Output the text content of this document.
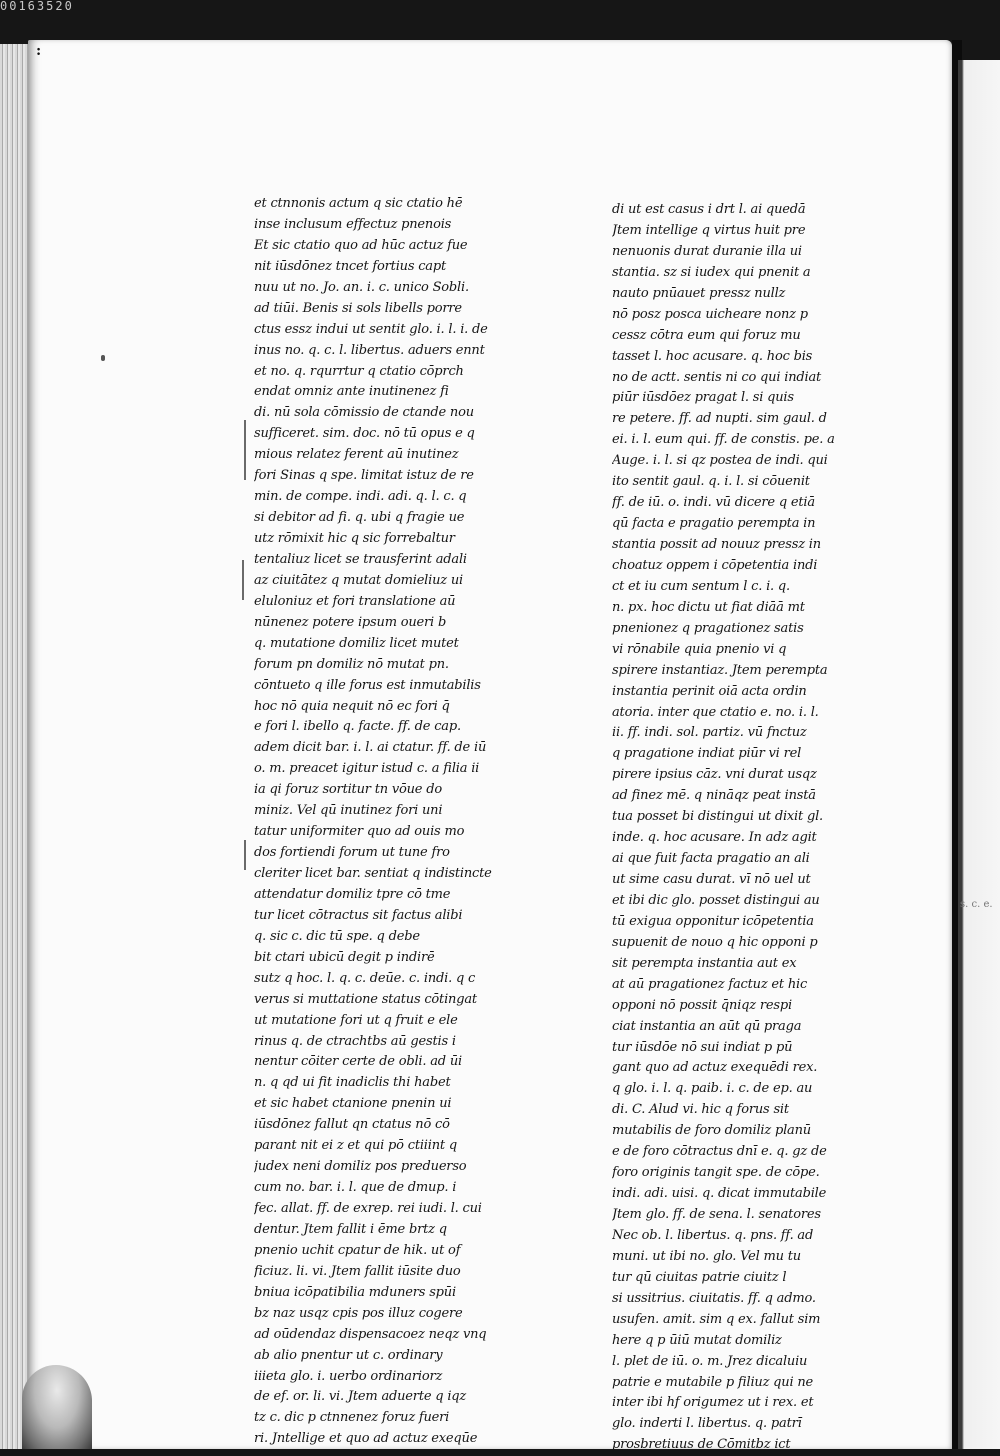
s. c. e.
00163520
:
et ctnnonis actum q sic ctatio hē
inse inclusum effectuz pnenois
Et sic ctatio quo ad hūc actuz fue
nit iūsdōnez tncet fortius capt
nuu ut no. Jo. an. i. c. unico Sobli.
ad tiūi. Benis si sols libells porre
ctus essz indui ut sentit glo. i. l. i. de
inus no. q. c. l. libertus. aduers ennt
et no. q. rqurrtur q ctatio cōprch
endat omniz ante inutinenez fi
di. nū sola cōmissio de ctande nou
sufficeret. sim. doc. nō tū opus e q
mious relatez ferent aū inutinez
fori Sinas q spe. limitat istuz de re
min. de compe. indi. adi. q. l. c. q
si debitor ad fi. q. ubi q fragie ue
utz rōmixit hic q sic forrebaltur
tentaliuz licet se trausferint adali
az ciuitātez q mutat domieliuz ui
eluloniuz et fori translatione aū
nūnenez potere ipsum oueri b
q. mutatione domiliz licet mutet
forum pn domiliz nō mutat pn.
cōntueto q ille forus est inmutabilis
hoc nō quia nequit nō ec fori q̄
e fori l. ibello q. facte. ff. de cap.
adem dicit bar. i. l. ai ctatur. ff. de iū
o. m. preacet igitur istud c. a filia ii
ia qi foruz sortitur tn vōue do
miniz. Vel qū inutinez fori uni
tatur uniformiter quo ad ouis mo
dos fortiendi forum ut tune fro
cleriter licet bar. sentiat q indistincte
attendatur domiliz tpre cō tme
tur licet cōtractus sit factus alibi
q. sic c. dic tū spe. q debe
bit ctari ubicū degit p indirē
sutz q hoc. l. q. c. deūe. c. indi. q c
verus si muttatione status cōtingat
ut mutatione fori ut q fruit e ele
rinus q. de ctrachtbs aū gestis i
nentur cōiter certe de obli. ad ūi
n. q qd ui fit inadiclis thi habet
et sic habet ctanione pnenin ui
iūsdōnez fallut qn ctatus nō cō
parant nit ei z et qui pō ctiiint q
judex neni domiliz pos preduerso
cum no. bar. i. l. que de dmup. i
fec. allat. ff. de exrep. rei iudi. l. cui
dentur. Jtem fallit i ēme brtz q
pnenio uchit cpatur de hik. ut of
ficiuz. li. vi. Jtem fallit iūsite duo
bniua icōpatibilia mduners spūi
bz naz usqz cpis pos illuz cogere
ad oūdendaz dispensacoez neqz vnq
ab alio pnentur ut c. ordinary
iiieta glo. i. uerbo ordinariorz
de ef. or. li. vi. Jtem aduerte q iqz
tz c. dic p ctnnenez foruz fueri
ri. Jntellige et quo ad actuz exeqūe
di ut est casus i drt l. ai quedā
Jtem intellige q virtus huit pre
nenuonis durat duranie illa ui
stantia. sz si iudex qui pnenit a
nauto pnūauet pressz nullz
nō posz posca uicheare nonz p
cessz cōtra eum qui foruz mu
tasset l. hoc acusare. q. hoc bis
no de actt. sentis ni co qui indiat
piūr iūsdōez pragat l. si quis
re petere. ff. ad nupti. sim gaul. d
ei. i. l. eum qui. ff. de constis. pe. a
Auge. i. l. si qz postea de indi. qui
ito sentit gaul. q. i. l. si cōuenit
ff. de iū. o. indi. vū dicere q etiā
qū facta e pragatio perempta in
stantia possit ad nouuz pressz in
choatuz oppem i cōpetentia indi
ct et iu cum sentum l c. i. q.
n. px. hoc dictu ut fiat diāā mt
pnenionez q pragationez satis
vi rōnabile quia pnenio vi q
spirere instantiaz. Jtem perempta
instantia perinit oiā acta ordin
atoria. inter que ctatio e. no. i. l.
ii. ff. indi. sol. partiz. vū fnctuz
q pragatione indiat piūr vi rel
pirere ipsius cāz. vni durat usqz
ad finez mē. q nināqz peat instā
tua posset bi distingui ut dixit gl.
inde. q. hoc acusare. In adz agit
ai que fuit facta pragatio an ali
ut sime casu durat. vī nō uel ut
et ibi dic glo. posset distingui au
tū exigua opponitur icōpetentia
supuenit de nouo q hic opponi p
sit perempta instantia aut ex
at aū pragationez factuz et hic
opponi nō possit q̄niqz respi
ciat instantia an aūt qū praga
tur iūsdōe nō sui indiat p pū
gant quo ad actuz exequēdi rex.
q glo. i. l. q. paib. i. c. de ep. au
di. C. Alud vi. hic q forus sit
mutabilis de foro domiliz planū
e de foro cōtractus dnī e. q. gz de
foro originis tangit spe. de cōpe.
indi. adi. uisi. q. dicat immutabile
Jtem glo. ff. de sena. l. senatores
Nec ob. l. libertus. q. pns. ff. ad
muni. ut ibi no. glo. Vel mu tu
tur qū ciuitas patrie ciuitz l
si ussitrius. ciuitatis. ff. q admo.
usufen. amit. sim q ex. fallut sim
here q p ūiū mutat domiliz
l. plet de iū. o. m. Jrez dicaluiu
patrie e mutabile p filiuz qui ne
inter ibi hf origumez ut i rex. et
glo. inderti l. libertus. q. patrī
prosbretiuus de Cōmitbz ict
